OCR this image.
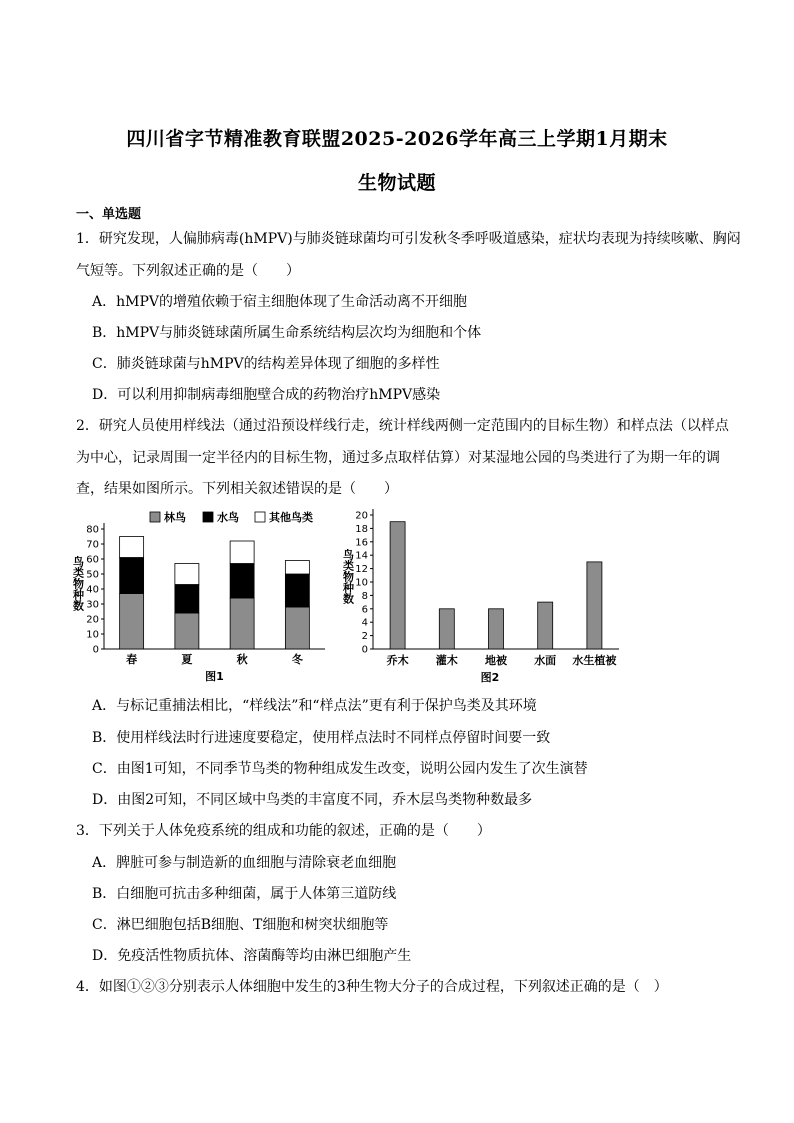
四川省字节精准教育联盟2025-2026学年高三上学期1月期末
生物试题
一、单选题
1．研究发现，人偏肺病毒(hMPV)与肺炎链球菌均可引发秋冬季呼吸道感染，症状均表现为持续咳嗽、胸闷
气短等。下列叙述正确的是（　　）
A．hMPV的增殖依赖于宿主细胞体现了生命活动离不开细胞
B．hMPV与肺炎链球菌所属生命系统结构层次均为细胞和个体
C．肺炎链球菌与hMPV的结构差异体现了细胞的多样性
D．可以利用抑制病毒细胞壁合成的药物治疗hMPV感染
2．研究人员使用样线法（通过沿预设样线行走，统计样线两侧一定范围内的目标生物）和样点法（以样点
为中心，记录周围一定半径内的目标生物，通过多点取样估算）对某湿地公园的鸟类进行了为期一年的调
查，结果如图所示。下列相关叙述错误的是（　　）
0
10
20
30
40
50
60
70
80
鸟类物种数
春	夏	秋	冬
林鸟	水鸟	其他鸟类
图1
0
2
4
6
8
10
12
14
16
18
20
鸟类物种数
乔木 灌木 地被 水面 水生植被
图2
A．与标记重捕法相比，“样线法”和“样点法”更有利于保护鸟类及其环境
B．使用样线法时行进速度要稳定，使用样点法时不同样点停留时间要一致
C．由图1可知，不同季节鸟类的物种组成发生改变，说明公园内发生了次生演替
D．由图2可知，不同区域中鸟类的丰富度不同，乔木层鸟类物种数最多
3．下列关于人体免疫系统的组成和功能的叙述，正确的是（　　）
A．脾脏可参与制造新的血细胞与清除衰老血细胞
B．白细胞可抗击多种细菌，属于人体第三道防线
C．淋巴细胞包括B细胞、T细胞和树突状细胞等
D．免疫活性物质抗体、溶菌酶等均由淋巴细胞产生
4．如图①②③分别表示人体细胞中发生的3种生物大分子的合成过程，下列叙述正确的是（　）
